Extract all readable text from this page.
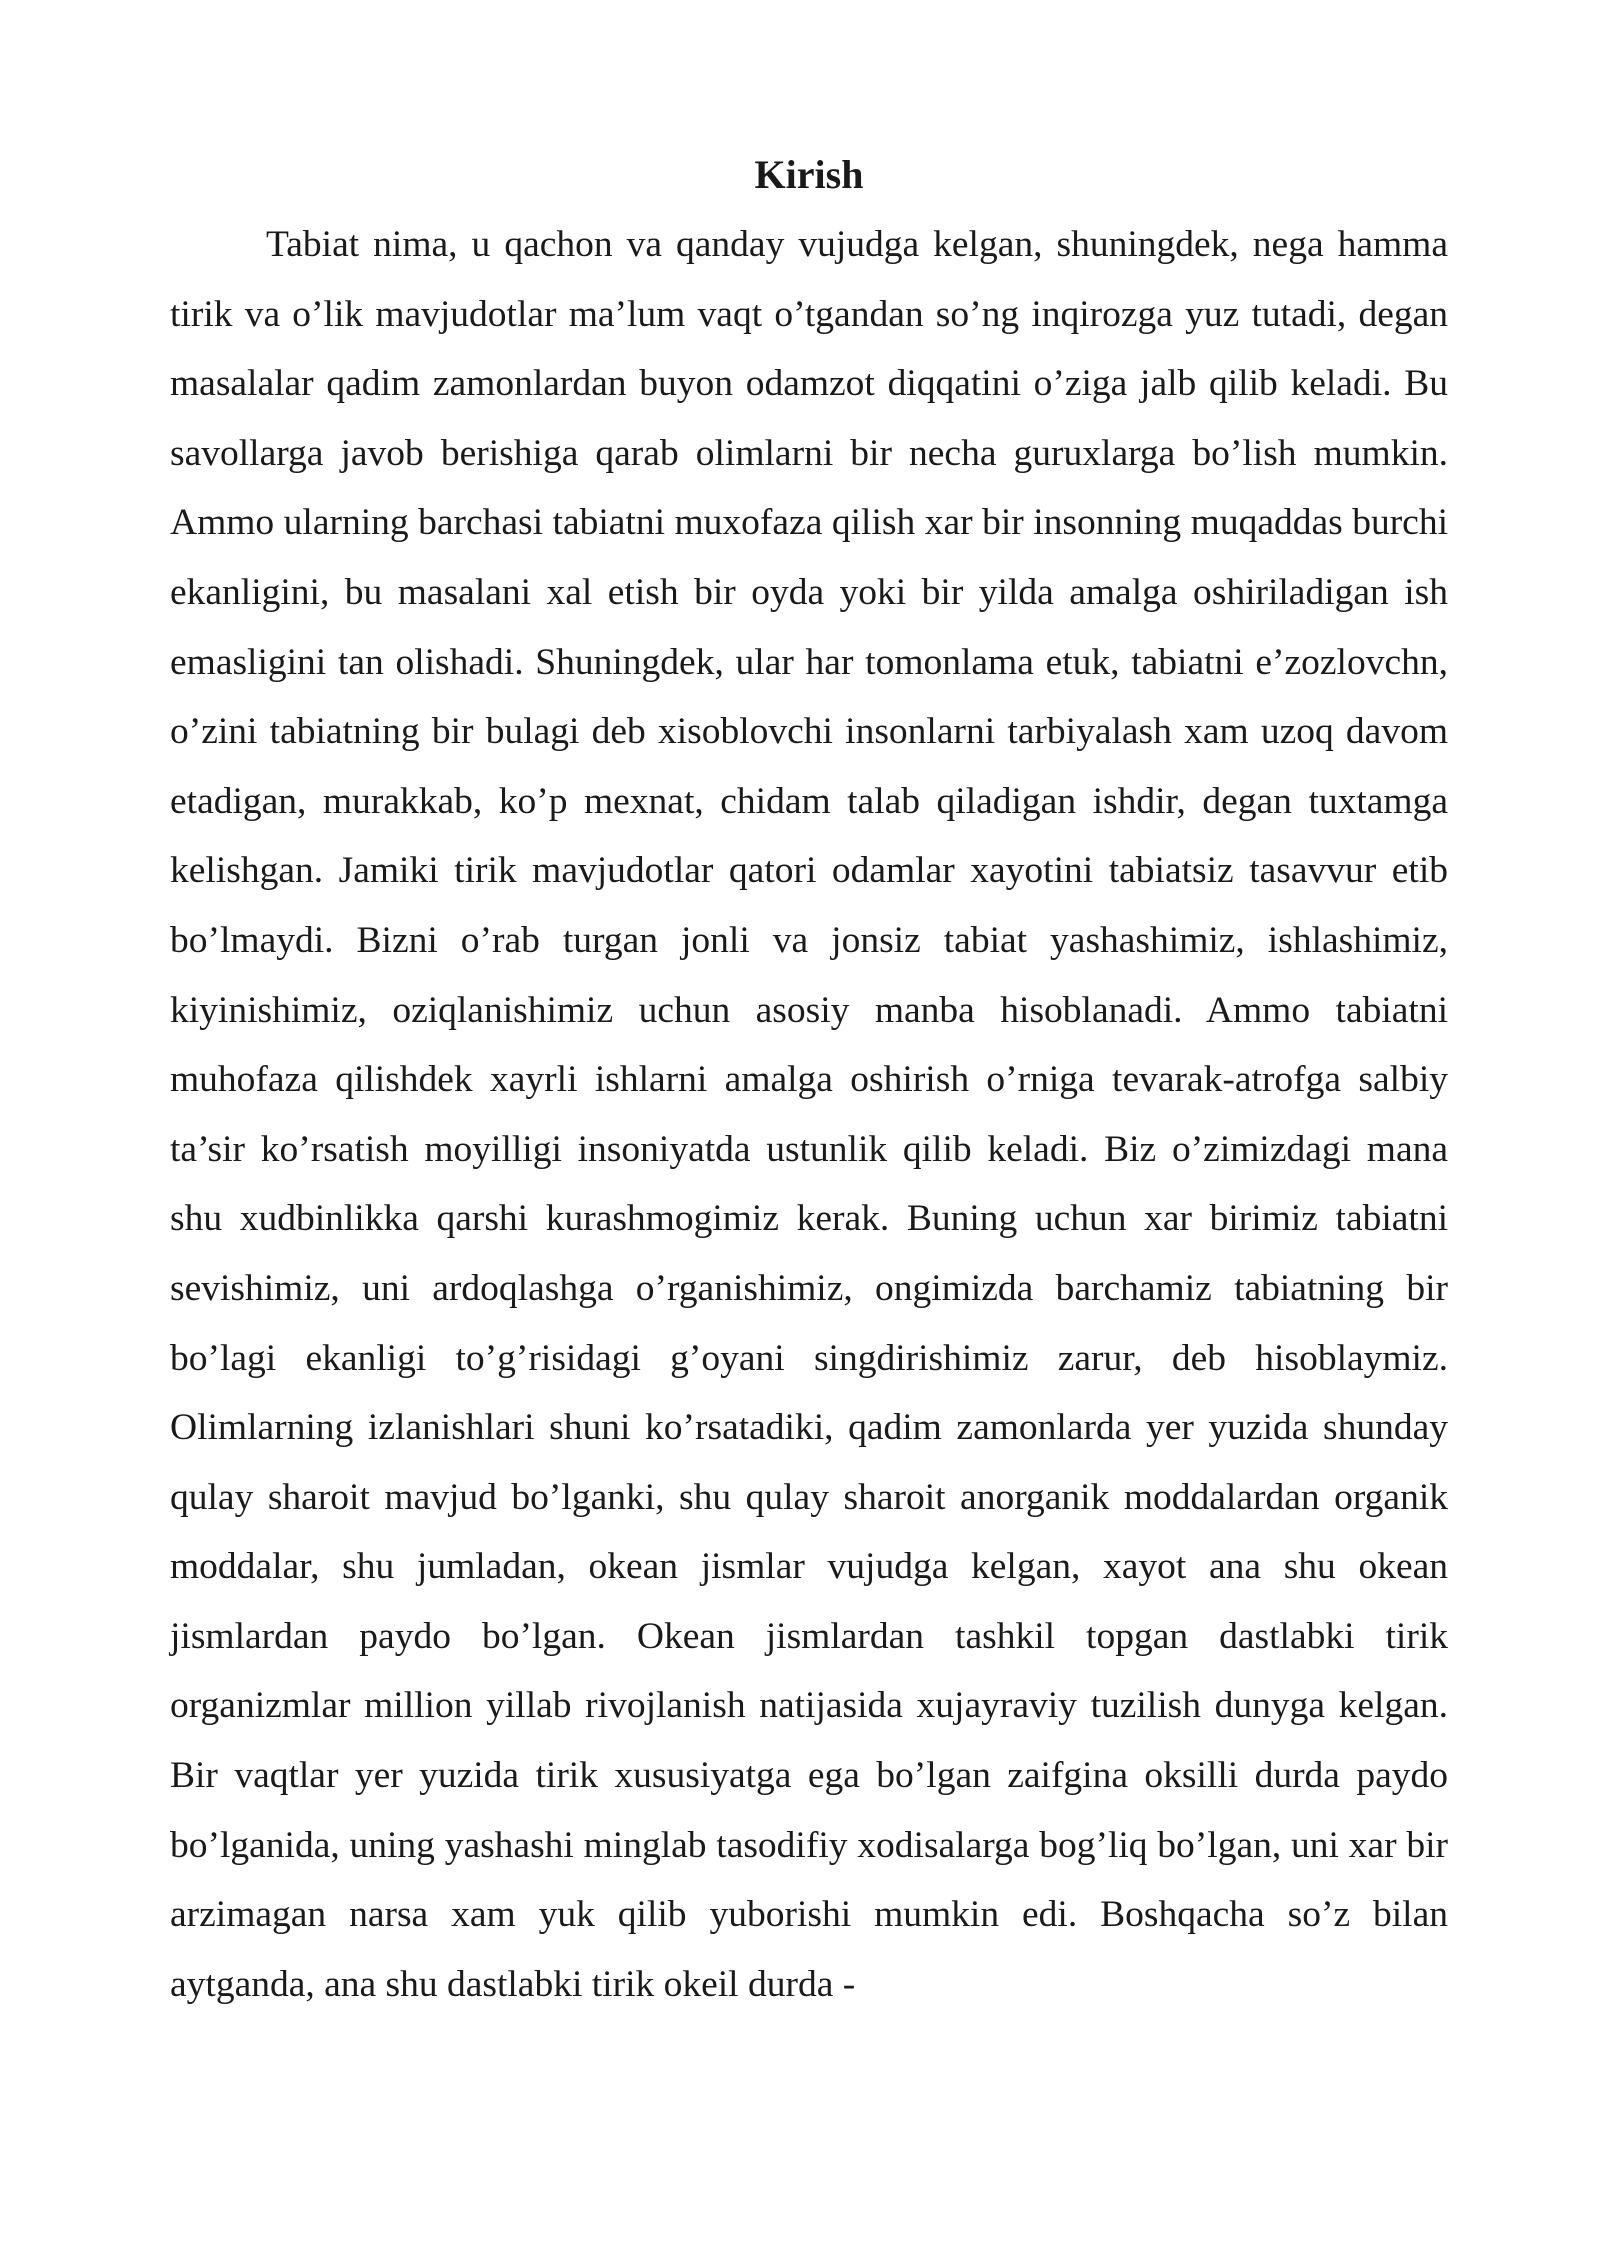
Kirish

Tabiat nima, u qachon va qanday vujudga kelgan, shuningdek, nega hamma tirik va o’lik mavjudotlar ma’lum vaqt o’tgandan so’ng inqirozga yuz tutadi, degan masalalar qadim zamonlardan buyon odamzot diqqatini o’ziga jalb qilib keladi. Bu savollarga javob berishiga qarab olimlarni bir necha guruxlarga bo’lish mumkin. Ammo ularning barchasi tabiatni muxofaza qilish xar bir insonning muqaddas burchi ekanligini, bu masalani xal etish bir oyda yoki bir yilda amalga oshiriladigan ish emasligini tan olishadi. Shuningdek, ular har tomonlama etuk, tabiatni e’zozlovchn, o’zini tabiatning bir bulagi deb xisoblovchi insonlarni tarbiyalash xam uzoq davom etadigan, murakkab, ko’p mexnat, chidam talab qiladigan ishdir, degan tuxtamga kelishgan. Jamiki tirik mavjudotlar qatori odamlar xayotini tabiatsiz tasavvur etib bo’lmaydi. Bizni o’rab turgan jonli va jonsiz tabiat yashashimiz, ishlashimiz, kiyinishimiz, oziqlanishimiz uchun asosiy manba hisoblanadi. Ammo tabiatni muhofaza qilishdek xayrli ishlarni amalga oshirish o’rniga tevarak-atrofga salbiy ta’sir ko’rsatish moyilligi insoniyatda ustunlik qilib keladi. Biz o’zimizdagi mana shu xudbinlikka qarshi kurashmogimiz kerak. Buning uchun xar birimiz tabiatni sevishimiz, uni ardoqlashga o’rganishimiz, ongimizda barchamiz tabiatning bir bo’lagi ekanligi to’g’risidagi g’oyani singdirishimiz zarur, deb hisoblaymiz. Olimlarning izlanishlari shuni ko’rsatadiki, qadim zamonlarda yer yuzida shunday qulay sharoit mavjud bo’lganki, shu qulay sharoit anorganik moddalardan organik moddalar, shu jumladan, okean jismlar vujudga kelgan, xayot ana shu okean jismlardan paydo bo’lgan. Okean jismlardan tashkil topgan dastlabki tirik organizmlar million yillab rivojlanish natijasida xujayraviy tuzilish dunyga kelgan. Bir vaqtlar yer yuzida tirik xususiyatga ega bo’lgan zaifgina oksilli durda paydo bo’lganida, uning yashashi minglab tasodifiy xodisalarga bog’liq bo’lgan, uni xar bir arzimagan narsa xam yuk qilib yuborishi mumkin edi. Boshqacha so’z bilan aytganda, ana shu dastlabki tirik okeil durda -
